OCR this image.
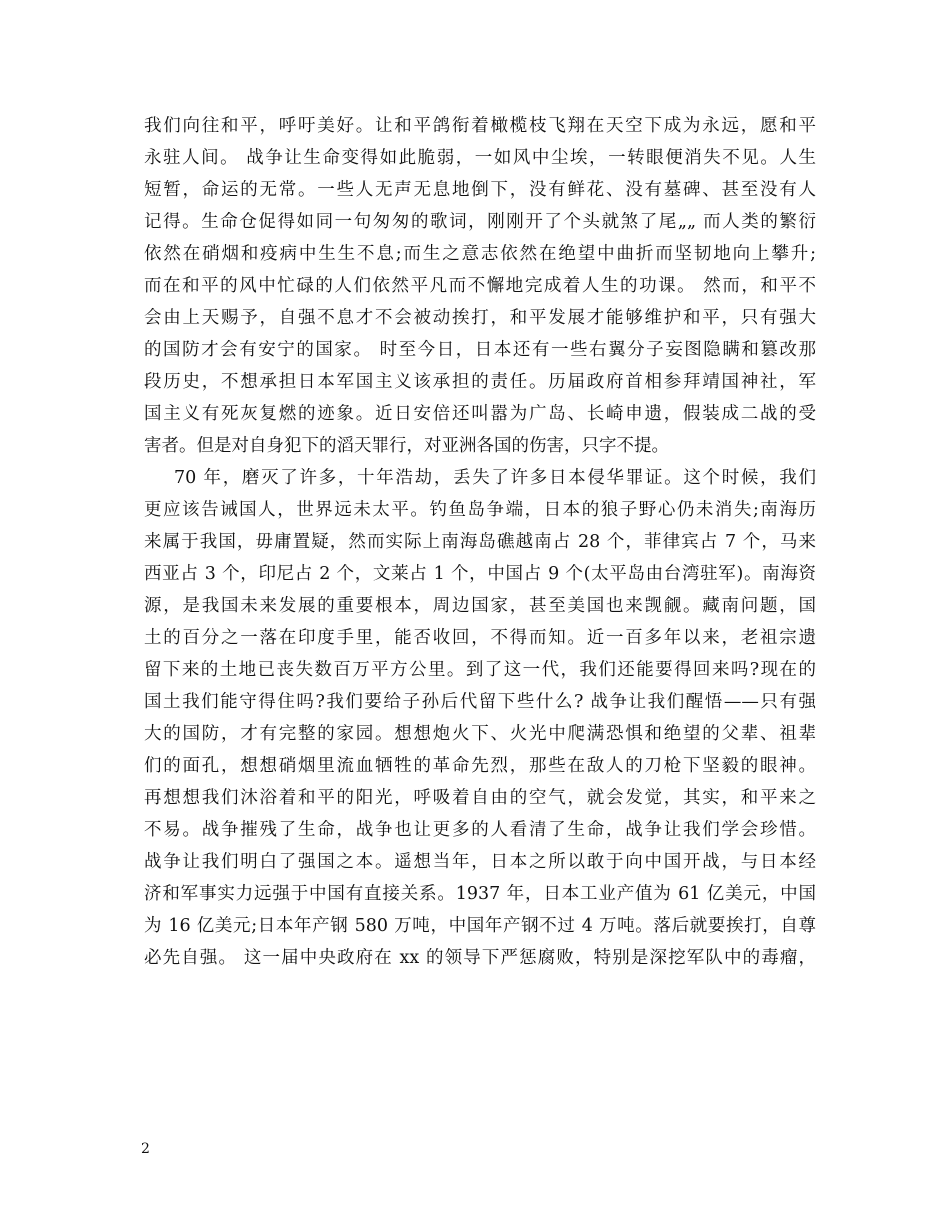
我们向往和平，呼吁美好。让和平鸽衔着橄榄枝飞翔在天空下成为永远，愿和平
永驻人间。 战争让生命变得如此脆弱，一如风中尘埃，一转眼便消失不见。人生
短暂，命运的无常。一些人无声无息地倒下，没有鲜花、没有墓碑、甚至没有人
记得。生命仓促得如同一句匆匆的歌词，刚刚开了个头就煞了尾„„ 而人类的繁衍
依然在硝烟和疫病中生生不息;而生之意志依然在绝望中曲折而坚韧地向上攀升;
而在和平的风中忙碌的人们依然平凡而不懈地完成着人生的功课。 然而，和平不
会由上天赐予，自强不息才不会被动挨打，和平发展才能够维护和平，只有强大
的国防才会有安宁的国家。 时至今日，日本还有一些右翼分子妄图隐瞒和篡改那
段历史，不想承担日本军国主义该承担的责任。历届政府首相参拜靖国神社，军
国主义有死灰复燃的迹象。近日安倍还叫嚣为广岛、长崎申遗，假装成二战的受
害者。但是对自身犯下的滔天罪行，对亚洲各国的伤害，只字不提。
70 年，磨灭了许多，十年浩劫，丢失了许多日本侵华罪证。这个时候，我们
更应该告诫国人，世界远未太平。钓鱼岛争端，日本的狼子野心仍未消失;南海历
来属于我国，毋庸置疑，然而实际上南海岛礁越南占 28 个，菲律宾占 7 个，马来
西亚占 3 个，印尼占 2 个，文莱占 1 个，中国占 9 个(太平岛由台湾驻军)。南海资
源，是我国未来发展的重要根本，周边国家，甚至美国也来觊觎。藏南问题，国
土的百分之一落在印度手里，能否收回，不得而知。近一百多年以来，老祖宗遗
留下来的土地已丧失数百万平方公里。到了这一代，我们还能要得回来吗?现在的
国土我们能守得住吗?我们要给子孙后代留下些什么? 战争让我们醒悟——只有强
大的国防，才有完整的家园。想想炮火下、火光中爬满恐惧和绝望的父辈、祖辈
们的面孔，想想硝烟里流血牺牲的革命先烈，那些在敌人的刀枪下坚毅的眼神。
再想想我们沐浴着和平的阳光，呼吸着自由的空气，就会发觉，其实，和平来之
不易。战争摧残了生命，战争也让更多的人看清了生命，战争让我们学会珍惜。
战争让我们明白了强国之本。遥想当年，日本之所以敢于向中国开战，与日本经
济和军事实力远强于中国有直接关系。1937 年，日本工业产值为 61 亿美元，中国
为 16 亿美元;日本年产钢 580 万吨，中国年产钢不过 4 万吨。落后就要挨打，自尊
必先自强。 这一届中央政府在 xx 的领导下严惩腐败，特别是深挖军队中的毒瘤，
2
